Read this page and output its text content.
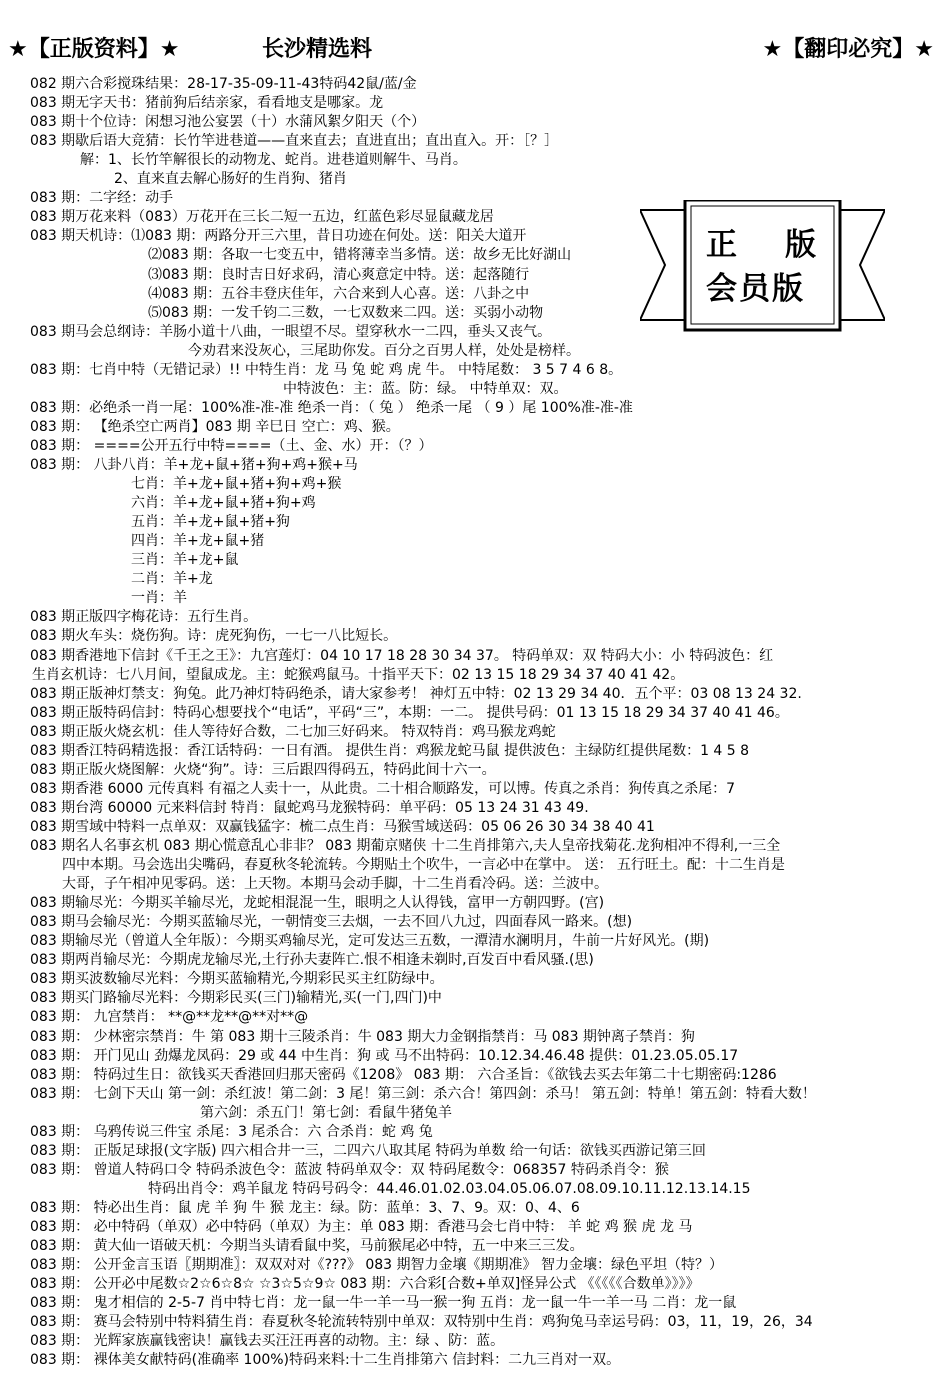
★【正版资料】★	长沙精选料	★【翻印必究】★
正 版
会员版
082 期六合彩搅珠结果：28-17-35-09-11-43特码42鼠/蓝/金
083 期无字天书：猪前狗后结亲家，看看地支是哪家。龙
083 期十个位诗：闲想习池公宴罢（十）水蒲风絮夕阳天（个）
083 期歇后语大竞猜：长竹竿进巷道——直来直去；直进直出；直出直入。开：［？］
解：1、长竹竿解很长的动物龙、蛇肖。进巷道则解牛、马肖。
2、直来直去解心肠好的生肖狗、猪肖
083 期：二字经：动手
083 期万花来料（083）万花开在三长二短一五边，红蓝色彩尽显鼠藏龙居
083 期天机诗：⑴083 期：两路分开三六里，昔日功迹在何处。送：阳关大道开
⑵083 期：各取一七变五中，错将薄幸当多情。送：故乡无比好湖山
⑶083 期：良时吉日好求码，清心爽意定中特。送：起落随行
⑷083 期：五谷丰登庆佳年，六合来到人心喜。送：八卦之中
⑸083 期：一发千钧二三数，一七双数来二四。送：买弱小动物
083 期马会总纲诗：羊肠小道十八曲，一眼望不尽。望穿秋水一二四，垂头又丧气。
今劝君来没灰心，三尾助你发。百分之百男人样，处处是榜样。
083 期：七肖中特（无错记录）!! 中特生肖：龙 马 兔 蛇 鸡 虎 牛。 中特尾数： 3 5 7 4 6 8。
中特波色：主：蓝。防：绿。 中特单双：双。
083 期：必绝杀一肖一尾：100%准-准-准 绝杀一肖：（ 兔 ） 绝杀一尾 （ 9 ）尾 100%准-准-准
083 期： 【绝杀空亡两肖】083 期 辛巳日 空亡：鸡、猴。
083 期： ====公开五行中特====（土、金、水）开：（？）
083 期： 八卦八肖：羊+龙+鼠+猪+狗+鸡+猴+马
七肖：羊+龙+鼠+猪+狗+鸡+猴
六肖：羊+龙+鼠+猪+狗+鸡
五肖：羊+龙+鼠+猪+狗
四肖：羊+龙+鼠+猪
三肖：羊+龙+鼠
二肖：羊+龙
一肖：羊
083 期正版四字梅花诗：五行生肖。
083 期火车头：烧伤狗。诗：虎死狗伤，一七一八比短长。
083 期香港地下信封《千王之王》：九宫莲灯：04 10 17 18 28 30 34 37。 特码单双：双 特码大小：小 特码波色：红
生肖玄机诗：七八月间，望鼠成龙。主：蛇猴鸡鼠马。十指平天下：02 13 15 18 29 34 37 40 41 42。
083 期正版神灯禁支：狗兔。此乃神灯特码绝杀，请大家参考！ 神灯五中特：02 13 29 34 40．五个平：03 08 13 24 32.
083 期正版特码信封：特码心想要找个“电话”，平码“三”，本期：一二。 提供号码：01 13 15 18 29 34 37 40 41 46。
083 期正版火烧玄机：佳人等待好合数，二七加三好码来。 特双特肖：鸡马猴龙鸡蛇
083 期香江特码精选报：香江话特码：一日有酒。 提供生肖：鸡猴龙蛇马鼠 提供波色：主绿防红提供尾数：1 4 5 8
083 期正版火烧图解：火烧“狗”。诗：三后跟四得码五，特码此间十六一。
083 期香港 6000 元传真料 有福之人卖十一，从此贵。二十相合顺路发，可以博。传真之杀肖：狗传真之杀尾：7
083 期台湾 60000 元来料信封 特肖：鼠蛇鸡马龙猴特码：单平码：05 13 24 31 43 49.
083 期雪域中特料一点单双：双赢钱猛字：梳二点生肖：马猴雪域送码：05 06 26 30 34 38 40 41
083 期名人名事玄机 083 期心慌意乱心非非？ 083 期葡京赌侠 十二生肖排第六,夫人皇帝找菊花.龙狗相冲不得利,一三全
四中本期。马会选出尖嘴码，春夏秋冬轮流转。今期贴土个吹牛，一言必中在掌中。 送： 五行旺土。配：十二生肖是
大哥，子午相冲见零码。送：上天物。本期马会动手脚，十二生肖看冷码。送：兰波中。
083 期输尽光：今期买羊输尽光，龙蛇相混混一生，眼明之人认得钱，富甲一方朝四野。(宫)
083 期马会输尽光：今期买蓝输尽光，一朝情变三去烟，一去不回八九过，四面春风一路来。(想)
083 期输尽光（曾道人全年版）：今期买鸡输尽光，定可发达三五数，一潭清水澜明月，牛前一片好风光。(期)
083 期两肖输尽光：今期虎龙输尽光,土行孙夫妻阵亡.恨不相逢未剃时,百发百中看风骚.(思)
083 期买波数输尽光料：今期买蓝输精光,今期彩民买主红防绿中。
083 期买门路输尽光料：今期彩民买(三门)输精光,买(一门,四门)中
083 期： 九宫禁肖： **@**龙**@**对**@
083 期： 少林密宗禁肖：牛 第 083 期十三陵杀肖：牛 083 期大力金钢指禁肖：马 083 期钟离子禁肖：狗
083 期： 开门见山 劲爆龙凤码：29 或 44 中生肖：狗 或 马不出特码：10.12.34.46.48 提供：01.23.05.05.17
083 期： 特码过生日：欲钱买天香港回归那天密码《1208》 083 期： 六合圣旨：《欲钱去买去年第二十七期密码:1286
083 期： 七剑下天山 第一剑：杀红波！第二剑：3 尾！第三剑：杀六合！第四剑：杀马！ 第五剑：特单！第五剑：特看大数！
第六剑：杀五门！第七剑：看鼠牛猪兔羊
083 期： 乌鸦传说三件宝 杀尾：3 尾杀合：六 合杀肖：蛇 鸡 兔
083 期： 正版足球报(文字版) 四六相合井一三，二四六八取其尾 特码为单数 给一句话：欲钱买西游记第三回
083 期： 曾道人特码口令 特码杀波色令：蓝波 特码单双令：双 特码尾数令：068357 特码杀肖令：猴
特码出肖令：鸡羊鼠龙 特码号码令：44.46.01.02.03.04.05.06.07.08.09.10.11.12.13.14.15
083 期： 特必出生肖：鼠 虎 羊 狗 牛 猴 龙主：绿。防：蓝单：3、7、9。双：0、4、6
083 期： 必中特码（单双）必中特码（单双）为主：单 083 期：香港马会七肖中特： 羊 蛇 鸡 猴 虎 龙 马
083 期： 黄大仙一语破天机：今期当头请看鼠中奖，马前猴尾必中特，五一中来三三发。
083 期： 公开金言玉语〖期期准〗：双双对对《???》 083 期智力金壤《期期准》 智力金壤：绿色平坦（特？）
083 期： 公开必中尾数☆2☆6☆8☆ ☆3☆5☆9☆ 083 期：六合彩[合数+单双]怪异公式 《《《《《合数单》》》》
083 期： 鬼才相信的 2-5-7 肖中特七肖：龙一鼠一牛一羊一马一猴一狗 五肖：龙一鼠一牛一羊一马 二肖：龙一鼠
083 期： 赛马会特别中特料猜生肖：春夏秋冬轮流转特别中单双：双特别中生肖：鸡狗兔马幸运号码：03，11，19，26，34
083 期： 光辉家族赢钱密诀！赢钱去买汪汪再喜的动物。主：绿 、防：蓝。
083 期： 裸体美女献特码(准确率 100%)特码来料:十二生肖排第六 信封料：二九三肖对一双。
